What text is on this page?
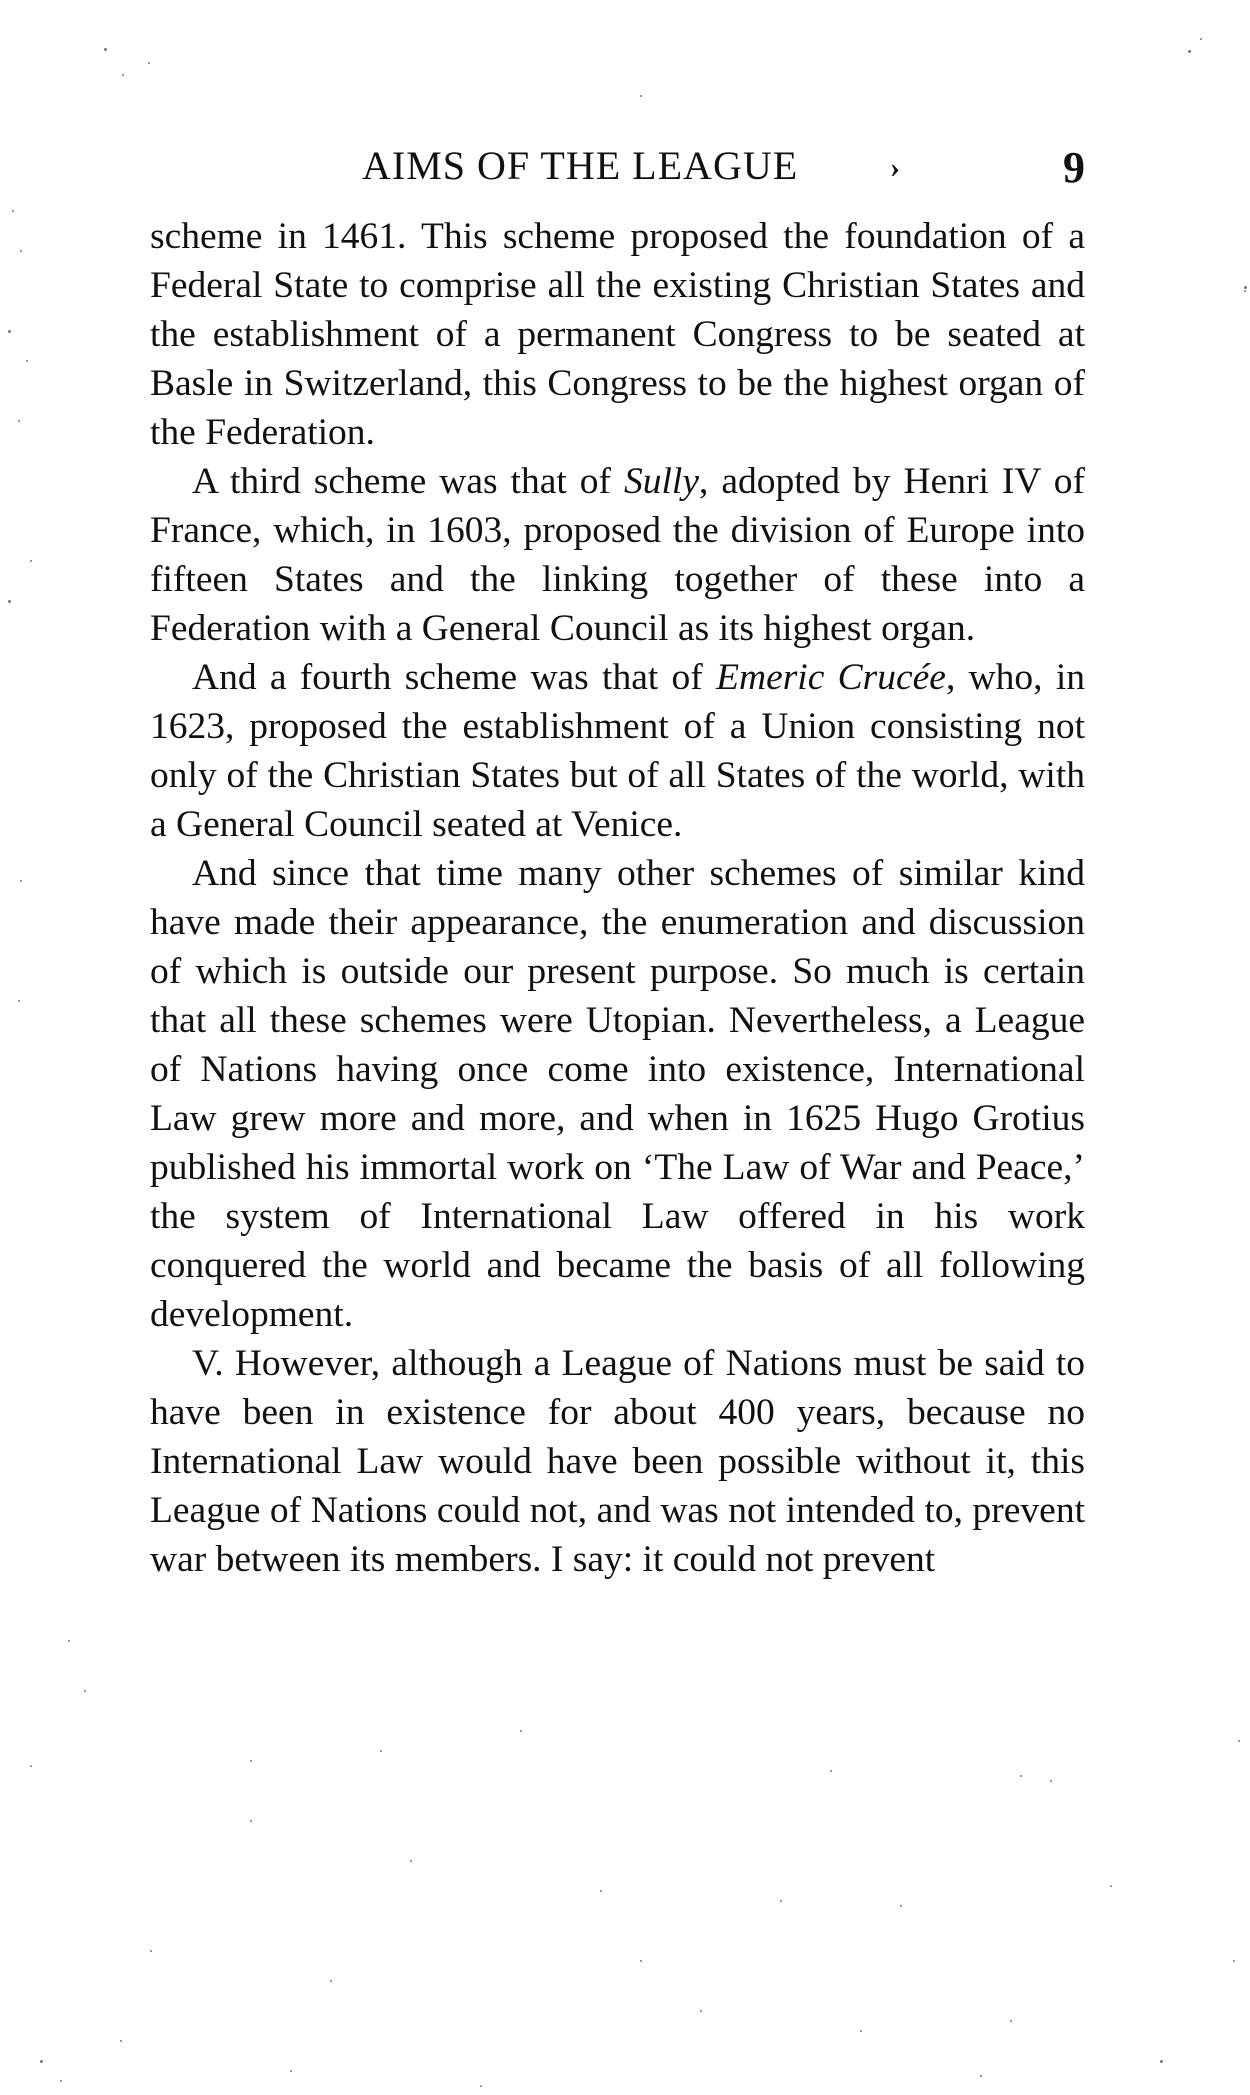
AIMS OF THE LEAGUE	›	9

scheme in 1461. This scheme proposed the foundation of a Federal State to comprise all the existing Christian States and the establishment of a permanent Congress to be seated at Basle in Switzerland, this Congress to be the highest organ of the Federation.

A third scheme was that of Sully, adopted by Henri IV of France, which, in 1603, proposed the division of Europe into fifteen States and the linking together of these into a Federation with a General Council as its highest organ.

And a fourth scheme was that of Emeric Crucée, who, in 1623, proposed the establishment of a Union consisting not only of the Christian States but of all States of the world, with a General Council seated at Venice.

And since that time many other schemes of similar kind have made their appearance, the enumeration and discussion of which is outside our present purpose. So much is certain that all these schemes were Utopian. Nevertheless, a League of Nations having once come into existence, International Law grew more and more, and when in 1625 Hugo Grotius published his immortal work on ‘The Law of War and Peace,’ the system of International Law offered in his work conquered the world and became the basis of all following development.

V. However, although a League of Nations must be said to have been in existence for about 400 years, because no International Law would have been possible without it, this League of Nations could not, and was not intended to, prevent war between its members. I say: it could not prevent
